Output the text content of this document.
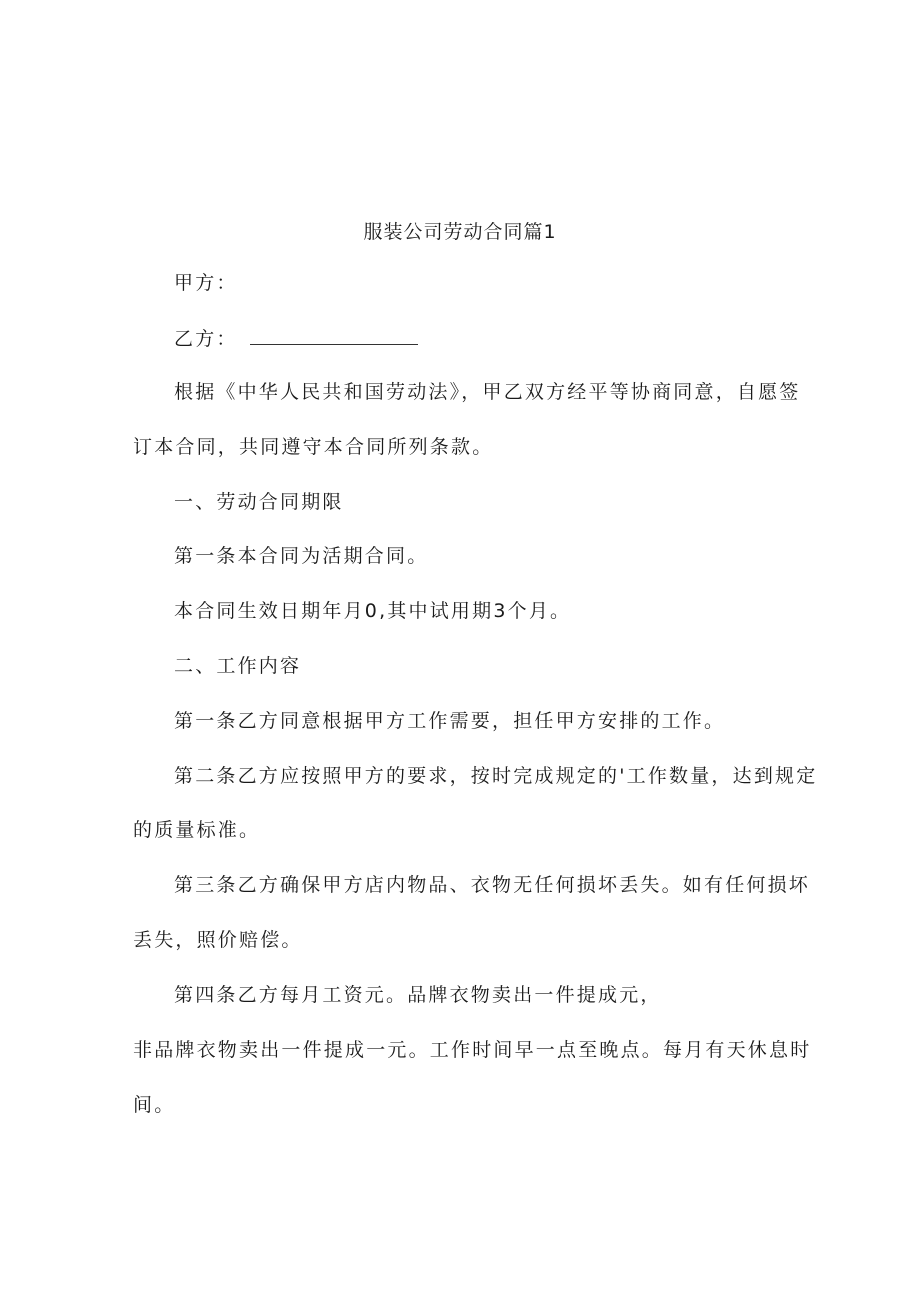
服装公司劳动合同篇1
甲方：
乙方：
根据《中华人民共和国劳动法》，甲乙双方经平等协商同意，自愿签
订本合同，共同遵守本合同所列条款。
一、劳动合同期限
第一条本合同为活期合同。
本合同生效日期年月0,其中试用期3个月。
二、工作内容
第一条乙方同意根据甲方工作需要，担任甲方安排的工作。
第二条乙方应按照甲方的要求，按时完成规定的'工作数量，达到规定
的质量标准。
第三条乙方确保甲方店内物品、衣物无任何损坏丢失。如有任何损坏
丢失，照价赔偿。
第四条乙方每月工资元。品牌衣物卖出一件提成元，
非品牌衣物卖出一件提成一元。工作时间早一点至晚点。每月有天休息时
间。
